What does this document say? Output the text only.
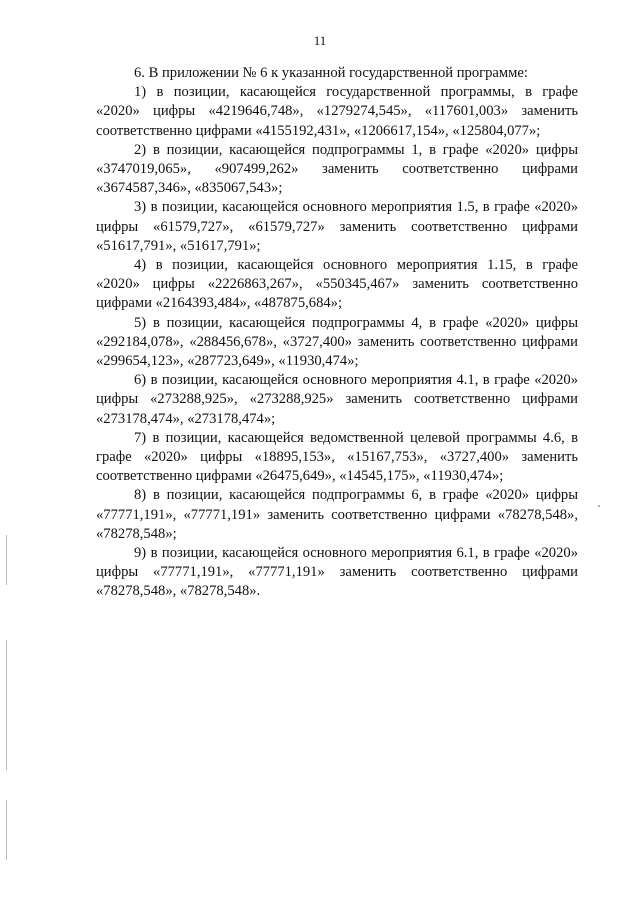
11

6. В приложении № 6 к указанной государственной программе:

1) в позиции, касающейся государственной программы, в графе «2020» цифры «4219646,748», «1279274,545», «117601,003» заменить соответственно цифрами «4155192,431», «1206617,154», «125804,077»;

2) в позиции, касающейся подпрограммы 1, в графе «2020» цифры «3747019,065», «907499,262» заменить соответственно цифрами «3674587,346», «835067,543»;

3) в позиции, касающейся основного мероприятия 1.5, в графе «2020» цифры «61579,727», «61579,727» заменить соответственно цифрами «51617,791», «51617,791»;

4) в позиции, касающейся основного мероприятия 1.15, в графе «2020» цифры «2226863,267», «550345,467» заменить соответственно цифрами «2164393,484», «487875,684»;

5) в позиции, касающейся подпрограммы 4, в графе «2020» цифры «292184,078», «288456,678», «3727,400» заменить соответственно цифрами «299654,123», «287723,649», «11930,474»;

6) в позиции, касающейся основного мероприятия 4.1, в графе «2020» цифры «273288,925», «273288,925» заменить соответственно цифрами «273178,474», «273178,474»;

7) в позиции, касающейся ведомственной целевой программы 4.6, в графе «2020» цифры «18895,153», «15167,753», «3727,400» заменить соответственно цифрами «26475,649», «14545,175», «11930,474»;

8) в позиции, касающейся подпрограммы 6, в графе «2020» цифры «77771,191», «77771,191» заменить соответственно цифрами «78278,548», «78278,548»;

9) в позиции, касающейся основного мероприятия 6.1, в графе «2020» цифры «77771,191», «77771,191» заменить соответственно цифрами «78278,548», «78278,548».
